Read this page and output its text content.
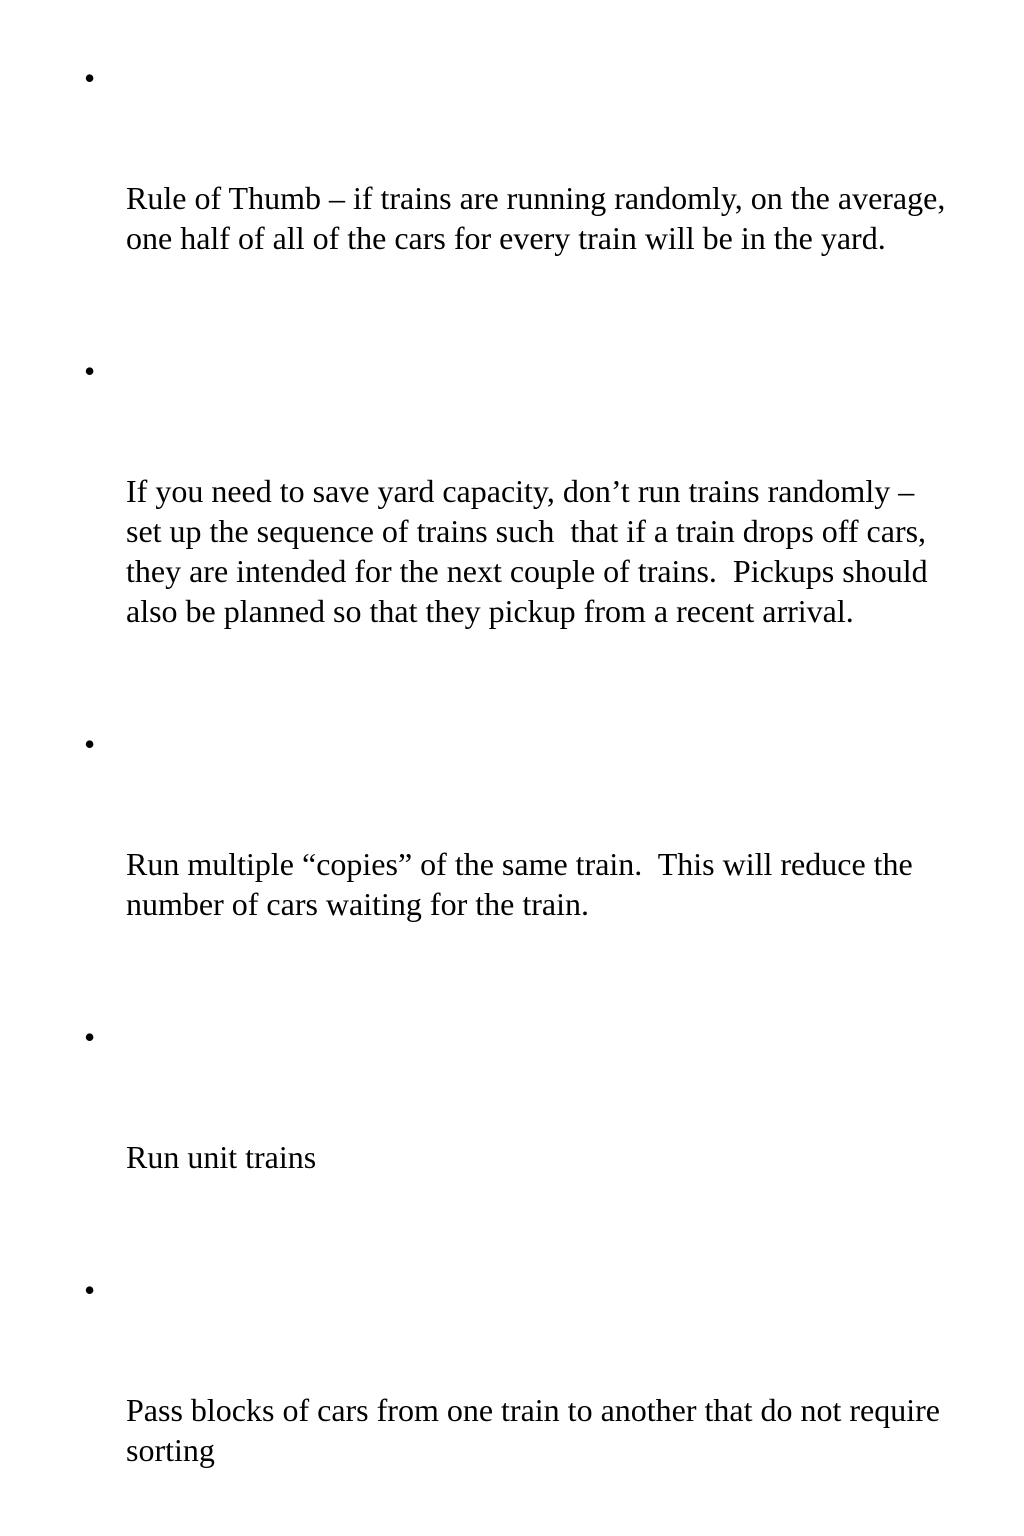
•

Rule of Thumb – if trains are running randomly, on the average, one half of all of the cars for every train will be in the yard.

•

If you need to save yard capacity, don’t run trains randomly – set up the sequence of trains such  that if a train drops off cars, they are intended for the next couple of trains.  Pickups should also be planned so that they pickup from a recent arrival.

•

Run multiple “copies” of the same train.  This will reduce the number of cars waiting for the train.

•

Run unit trains

•

Pass blocks of cars from one train to another that do not require sorting
